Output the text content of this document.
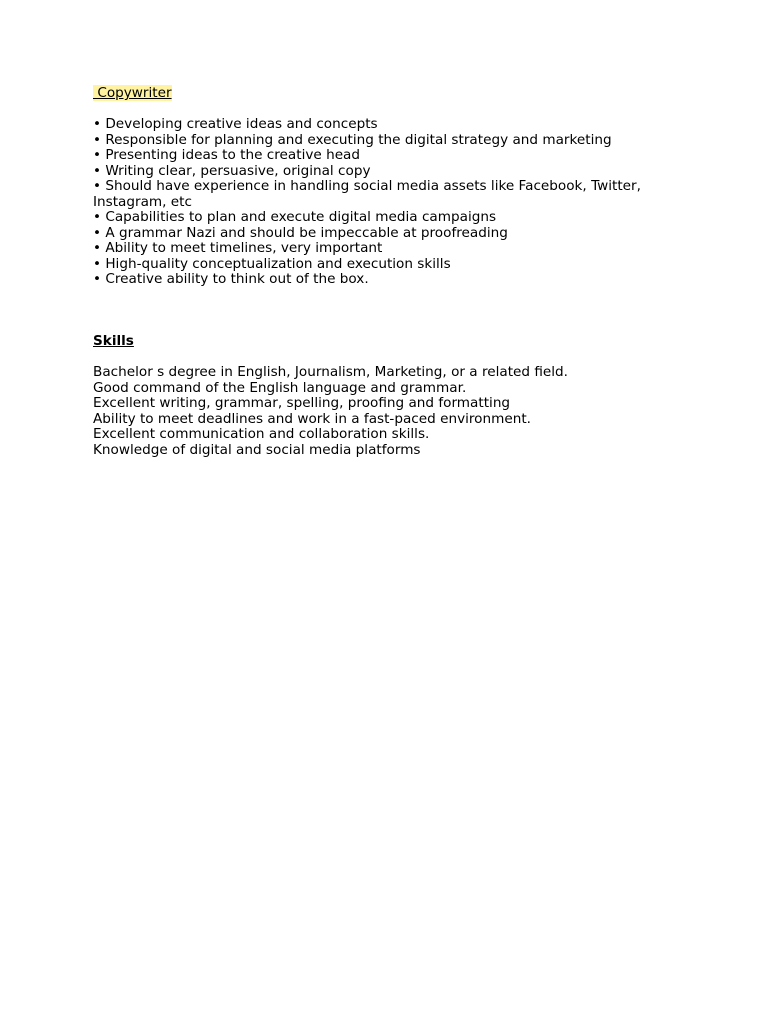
Copywriter
• Developing creative ideas and concepts
• Responsible for planning and executing the digital strategy and marketing
• Presenting ideas to the creative head
• Writing clear, persuasive, original copy
• Should have experience in handling social media assets like Facebook, Twitter, Instagram, etc
• Capabilities to plan and execute digital media campaigns
• A grammar Nazi and should be impeccable at proofreading
• Ability to meet timelines, very important
• High-quality conceptualization and execution skills
• Creative ability to think out of the box.
Skills
Bachelor s degree in English, Journalism, Marketing, or a related field.
Good command of the English language and grammar.
Excellent writing, grammar, spelling, proofing and formatting
Ability to meet deadlines and work in a fast-paced environment.
Excellent communication and collaboration skills.
Knowledge of digital and social media platforms
